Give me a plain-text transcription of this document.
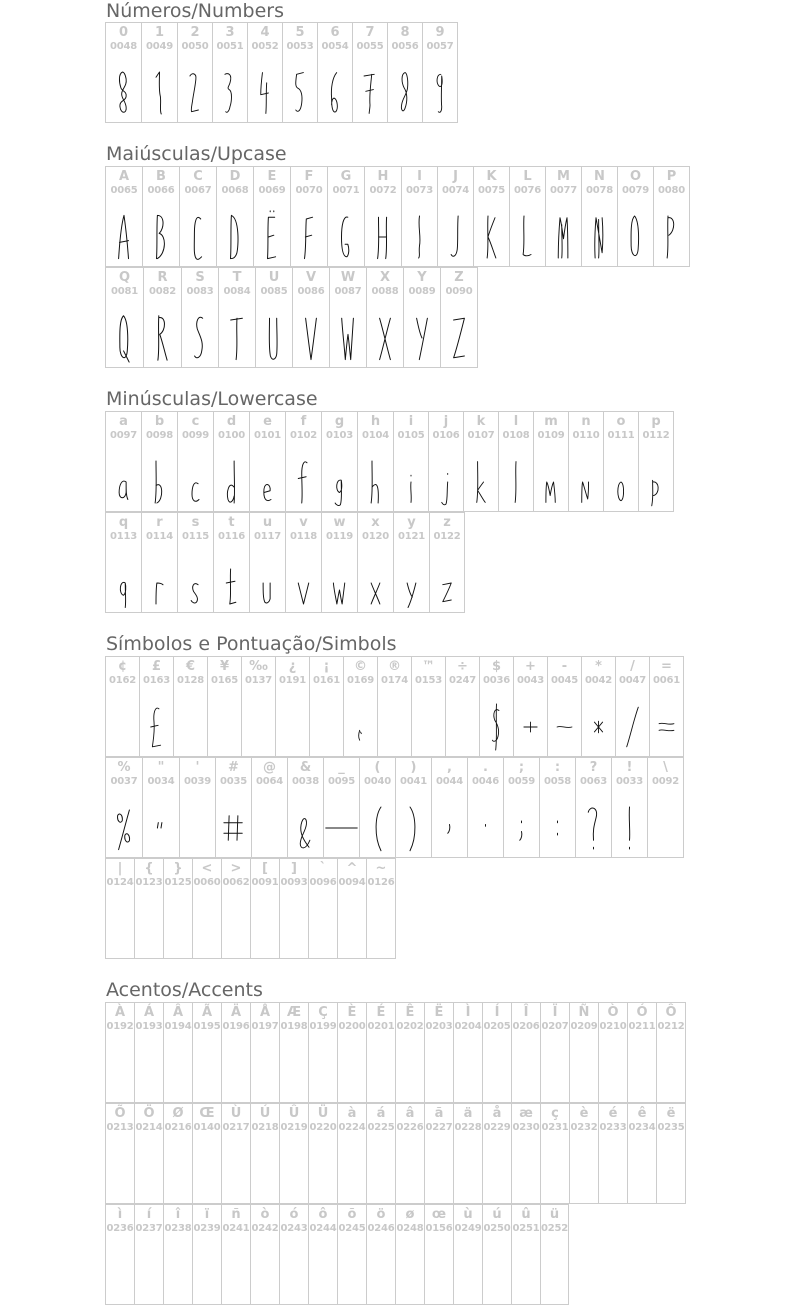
Números/Numbers
0
0048
1
0049
2
0050
3
0051
4
0052
5
0053
6
0054
7
0055
8
0056
9
0057
Maiúsculas/Upcase
A
0065
B
0066
C
0067
D
0068
E
0069
F
0070
G
0071
H
0072
I
0073
J
0074
K
0075
L
0076
M
0077
N
0078
O
0079
P
0080
Q
0081
R
0082
S
0083
T
0084
U
0085
V
0086
W
0087
X
0088
Y
0089
Z
0090
Minúsculas/Lowercase
a
0097
b
0098
c
0099
d
0100
e
0101
f
0102
g
0103
h
0104
i
0105
j
0106
k
0107
l
0108
m
0109
n
0110
o
0111
p
0112
q
0113
r
0114
s
0115
t
0116
u
0117
v
0118
w
0119
x
0120
y
0121
z
0122
Símbolos e Pontuação/Simbols
¢
0162
£
0163
€
0128
¥
0165
‰
0137
¿
0191
¡
0161
©
0169
®
0174
™
0153
÷
0247
$
0036
+
0043
-
0045
*
0042
/
0047
=
0061
%
0037
"
0034
'
0039
#
0035
@
0064
&
0038
_
0095
(
0040
)
0041
,
0044
.
0046
;
0059
:
0058
?
0063
!
0033
\
0092
|
0124
{
0123
}
0125
<
0060
>
0062
[
0091
]
0093
`
0096
^
0094
~
0126
Acentos/Accents
À
0192
Á
0193
Â
0194
Ã
0195
Ä
0196
Å
0197
Æ
0198
Ç
0199
È
0200
É
0201
Ê
0202
Ë
0203
Ì
0204
Í
0205
Î
0206
Ï
0207
Ñ
0209
Ò
0210
Ó
0211
Ô
0212
Õ
0213
Ö
0214
Ø
0216
Œ
0140
Ù
0217
Ú
0218
Û
0219
Ü
0220
à
0224
á
0225
â
0226
ã
0227
ä
0228
å
0229
æ
0230
ç
0231
è
0232
é
0233
ê
0234
ë
0235
ì
0236
í
0237
î
0238
ï
0239
ñ
0241
ò
0242
ó
0243
ô
0244
õ
0245
ö
0246
ø
0248
œ
0156
ù
0249
ú
0250
û
0251
ü
0252
